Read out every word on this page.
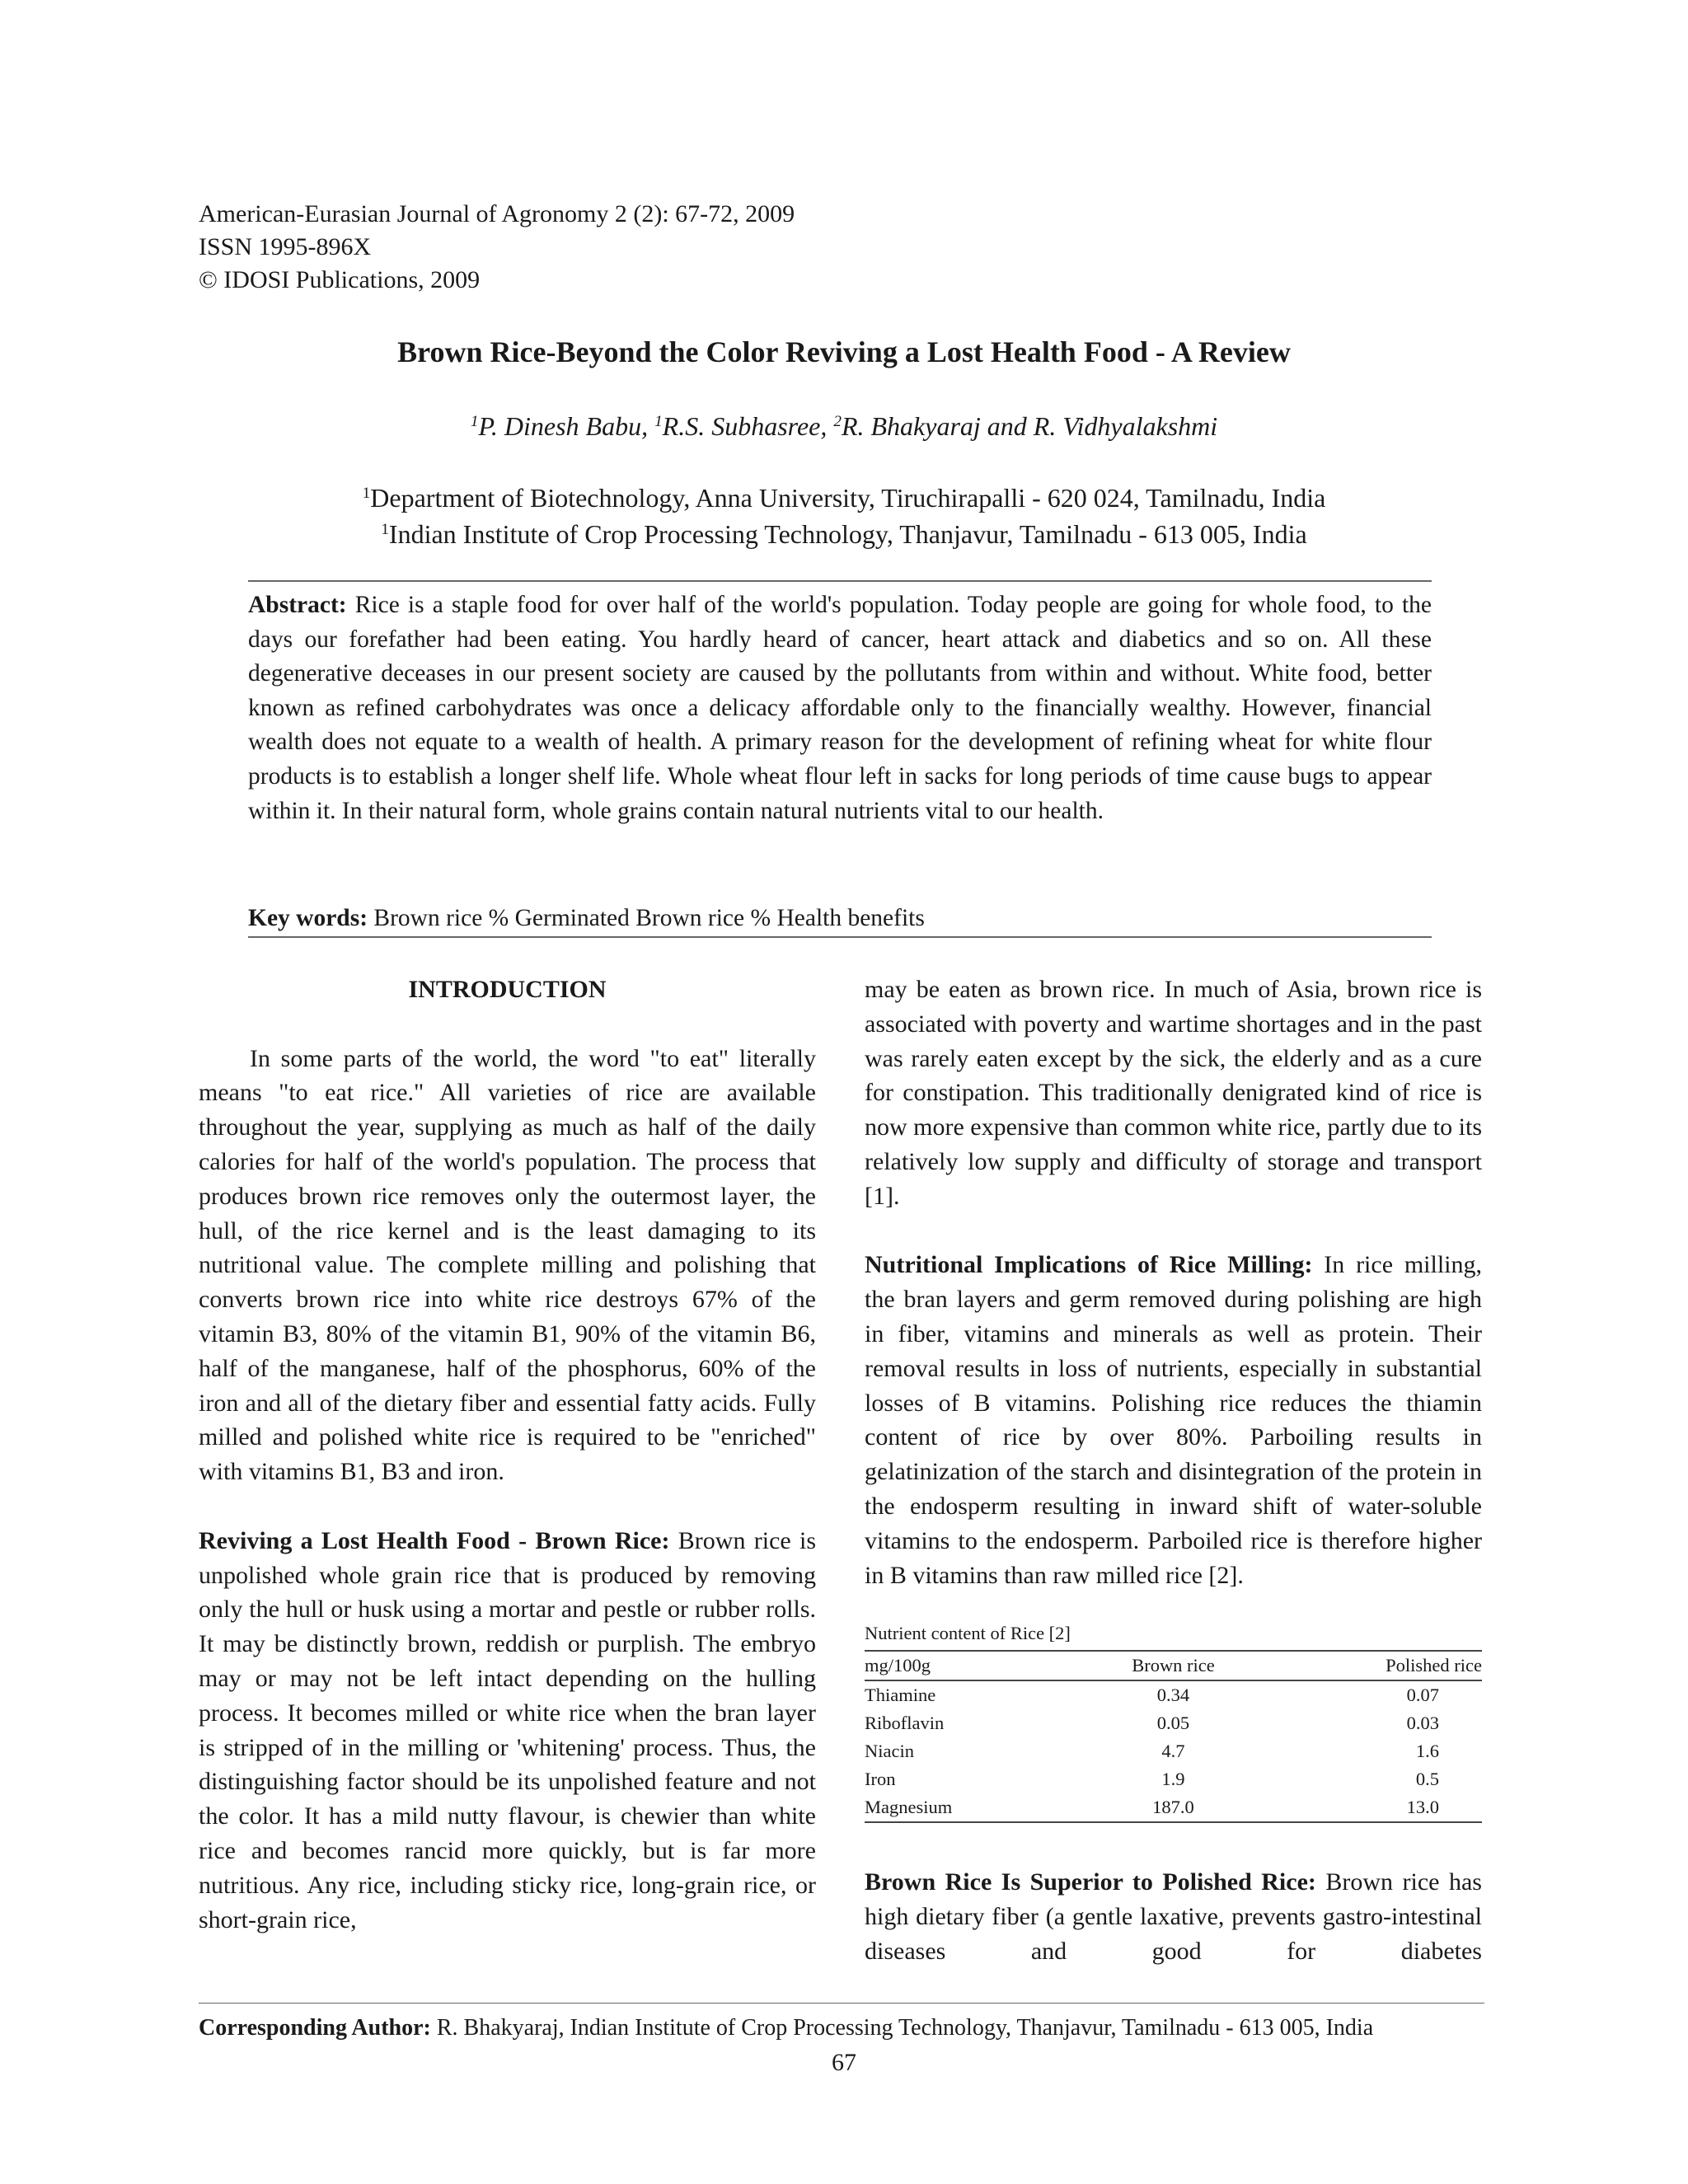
American-Eurasian Journal of Agronomy 2 (2): 67-72, 2009
ISSN 1995-896X
© IDOSI Publications, 2009
Brown Rice-Beyond the Color Reviving a Lost Health Food - A Review
$^1$P. Dinesh Babu, $^1$R.S. Subhasree, $^2$R. Bhakyaraj and R. Vidhyalakshmi
$^1$Department of Biotechnology, Anna University, Tiruchirapalli - 620 024, Tamilnadu, India
$^1$Indian Institute of Crop Processing Technology, Thanjavur, Tamilnadu - 613 005, India
Abstract: Rice is a staple food for over half of the world's population. Today people are going for whole food, to the days our forefather had been eating. You hardly heard of cancer, heart attack and diabetics and so on. All these degenerative deceases in our present society are caused by the pollutants from within and without. White food, better known as refined carbohydrates was once a delicacy affordable only to the financially wealthy. However, financial wealth does not equate to a wealth of health. A primary reason for the development of refining wheat for white flour products is to establish a longer shelf life. Whole wheat flour left in sacks for long periods of time cause bugs to appear within it. In their natural form, whole grains contain natural nutrients vital to our health.
Key words: Brown rice % Germinated Brown rice % Health benefits

INTRODUCTION

In some parts of the world, the word "to eat" literally means "to eat rice." All varieties of rice are available throughout the year, supplying as much as half of the daily calories for half of the world's population. The process that produces brown rice removes only the outermost layer, the hull, of the rice kernel and is the least damaging to its nutritional value. The complete milling and polishing that converts brown rice into white rice destroys 67% of the vitamin B3, 80% of the vitamin B1, 90% of the vitamin B6, half of the manganese, half of the phosphorus, 60% of the iron and all of the dietary fiber and essential fatty acids. Fully milled and polished white rice is required to be "enriched" with vitamins B1, B3 and iron.

Reviving a Lost Health Food - Brown Rice: Brown rice is unpolished whole grain rice that is produced by removing only the hull or husk using a mortar and pestle or rubber rolls. It may be distinctly brown, reddish or purplish. The embryo may or may not be left intact depending on the hulling process. It becomes milled or white rice when the bran layer is stripped of in the milling or 'whitening' process. Thus, the distinguishing factor should be its unpolished feature and not the color. It has a mild nutty flavour, is chewier than white rice and becomes rancid more quickly, but is far more nutritious. Any rice, including sticky rice, long-grain rice, or short-grain rice,

may be eaten as brown rice. In much of Asia, brown rice is associated with poverty and wartime shortages and in the past was rarely eaten except by the sick, the elderly and as a cure for constipation. This traditionally denigrated kind of rice is now more expensive than common white rice, partly due to its relatively low supply and difficulty of storage and transport [1].

Nutritional Implications of Rice Milling: In rice milling, the bran layers and germ removed during polishing are high in fiber, vitamins and minerals as well as protein. Their removal results in loss of nutrients, especially in substantial losses of B vitamins. Polishing rice reduces the thiamin content of rice by over 80%. Parboiling results in gelatinization of the starch and disintegration of the protein in the endosperm resulting in inward shift of water-soluble vitamins to the endosperm. Parboiled rice is therefore higher in B vitamins than raw milled rice [2].

Nutrient content of Rice [2]
mg/100g	Brown rice	Polished rice
Thiamine	0.34	0.07
Riboflavin	0.05	0.03
Niacin	4.7	1.6
Iron	1.9	0.5
Magnesium	187.0	13.0

Brown Rice Is Superior to Polished Rice: Brown rice has high dietary fiber (a gentle laxative, prevents gastro-intestinal diseases and good for diabetes

Corresponding Author: R. Bhakyaraj, Indian Institute of Crop Processing Technology, Thanjavur, Tamilnadu - 613 005, India
67
